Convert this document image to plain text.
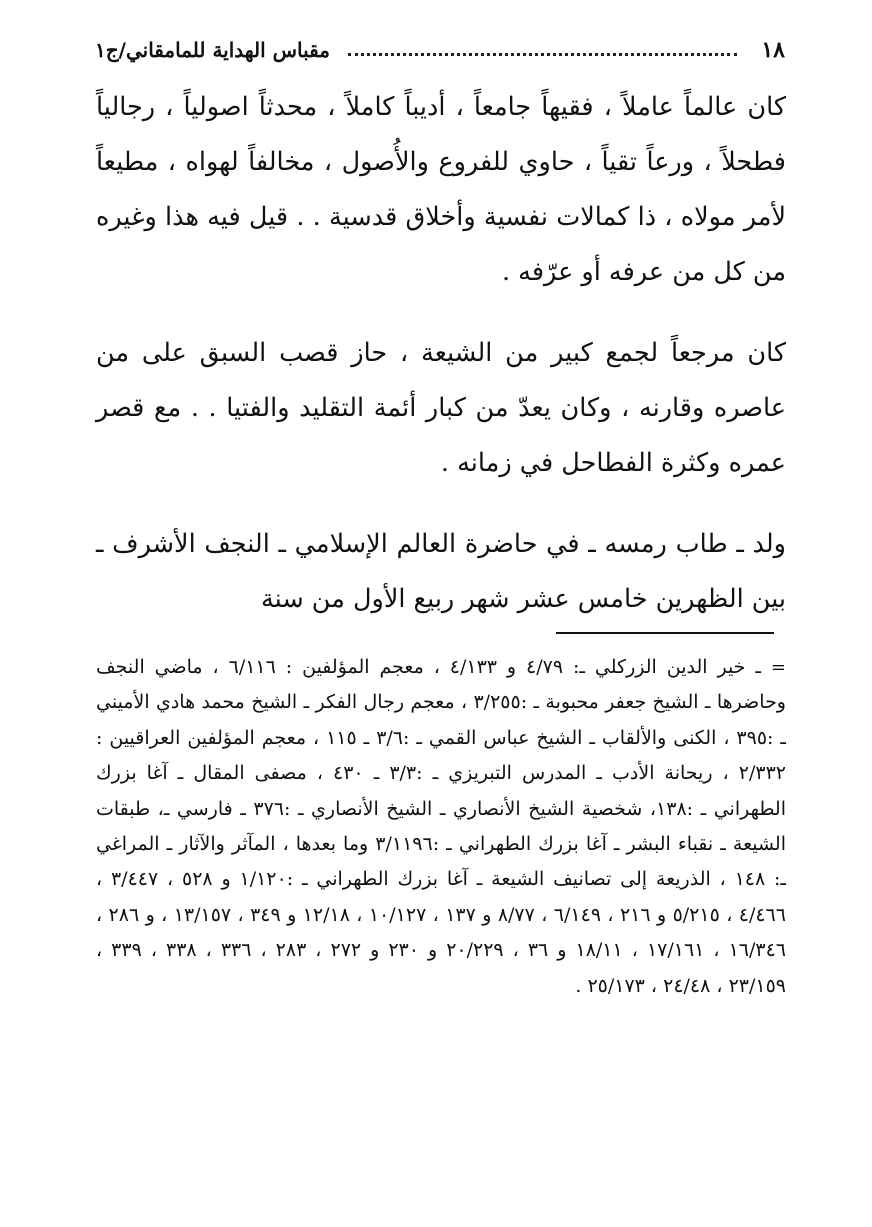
١٨
مقباس الهداية للمامقاني/ج١

كان عالماً عاملاً ، فقيهاً جامعاً ، أديباً كاملاً ، محدثاً اصولياً ، رجالياً فطحلاً ، ورعاً تقياً ، حاوي للفروع والأُصول ، مخالفاً لهواه ، مطيعاً لأمر مولاه ، ذا كمالات نفسية وأخلاق قدسية . . قيل فيه هذا وغيره من كل من عرفه أو عرّفه .

كان مرجعاً لجمع كبير من الشيعة ، حاز قصب السبق على من عاصره وقارنه ، وكان يعدّ من كبار أئمة التقليد والفتيا . . مع قصر عمره وكثرة الفطاحل في زمانه .

ولد ـ طاب رمسه ـ في حاضرة العالم الإسلامي ـ النجف الأشرف ـ بين الظهرين خامس عشر شهر ربيع الأول من سنة

=ـ خير الدين الزركلي ـ: ٤/٧٩ و ٤/١٣٣ ، معجم المؤلفين : ٦/١١٦ ، ماضي النجف وحاضرها ـ الشيخ جعفر محبوبة ـ :٣/٢٥٥ ، معجم رجال الفكر ـ الشيخ محمد هادي الأميني ـ :٣٩٥ ، الكنى والألقاب ـ الشيخ عباس القمي ـ :٣/٦ ـ ١١٥ ، معجم المؤلفين العراقيين : ٢/٣٣٢ ، ريحانة الأدب ـ المدرس التبريزي ـ :٣/٣ ـ ٤٣٠ ، مصفى المقال ـ آغا بزرك الطهراني ـ :١٣٨، شخصية الشيخ الأنصاري ـ الشيخ الأنصاري ـ :٣٧٦ ـ فارسي ـ، طبقات الشيعة ـ نقباء البشر ـ آغا بزرك الطهراني ـ :٣/١١٩٦ وما بعدها ، المآثر والآثار ـ المراغي ـ: ١٤٨ ، الذريعة إلى تصانيف الشيعة ـ آغا بزرك الطهراني ـ :١/١٢٠ و ٥٢٨ ، ٣/٤٤٧ ، ٤/٤٦٦ ، ٥/٢١٥ و ٢١٦ ، ٦/١٤٩ ، ٨/٧٧ و ١٣٧ ، ١٠/١٢٧ ، ١٢/١٨ و ٣٤٩ ، ١٣/١٥٧ ، و ٢٨٦ ، ١٦/٣٤٦ ، ١٧/١٦١ ، ١٨/١١ و ٣٦ ، ٢٠/٢٢٩ و ٢٣٠ و ٢٧٢ ، ٢٨٣ ، ٣٣٦ ، ٣٣٨ ، ٣٣٩ ، ٢٣/١٥٩ ، ٢٤/٤٨ ، ٢٥/١٧٣ .
